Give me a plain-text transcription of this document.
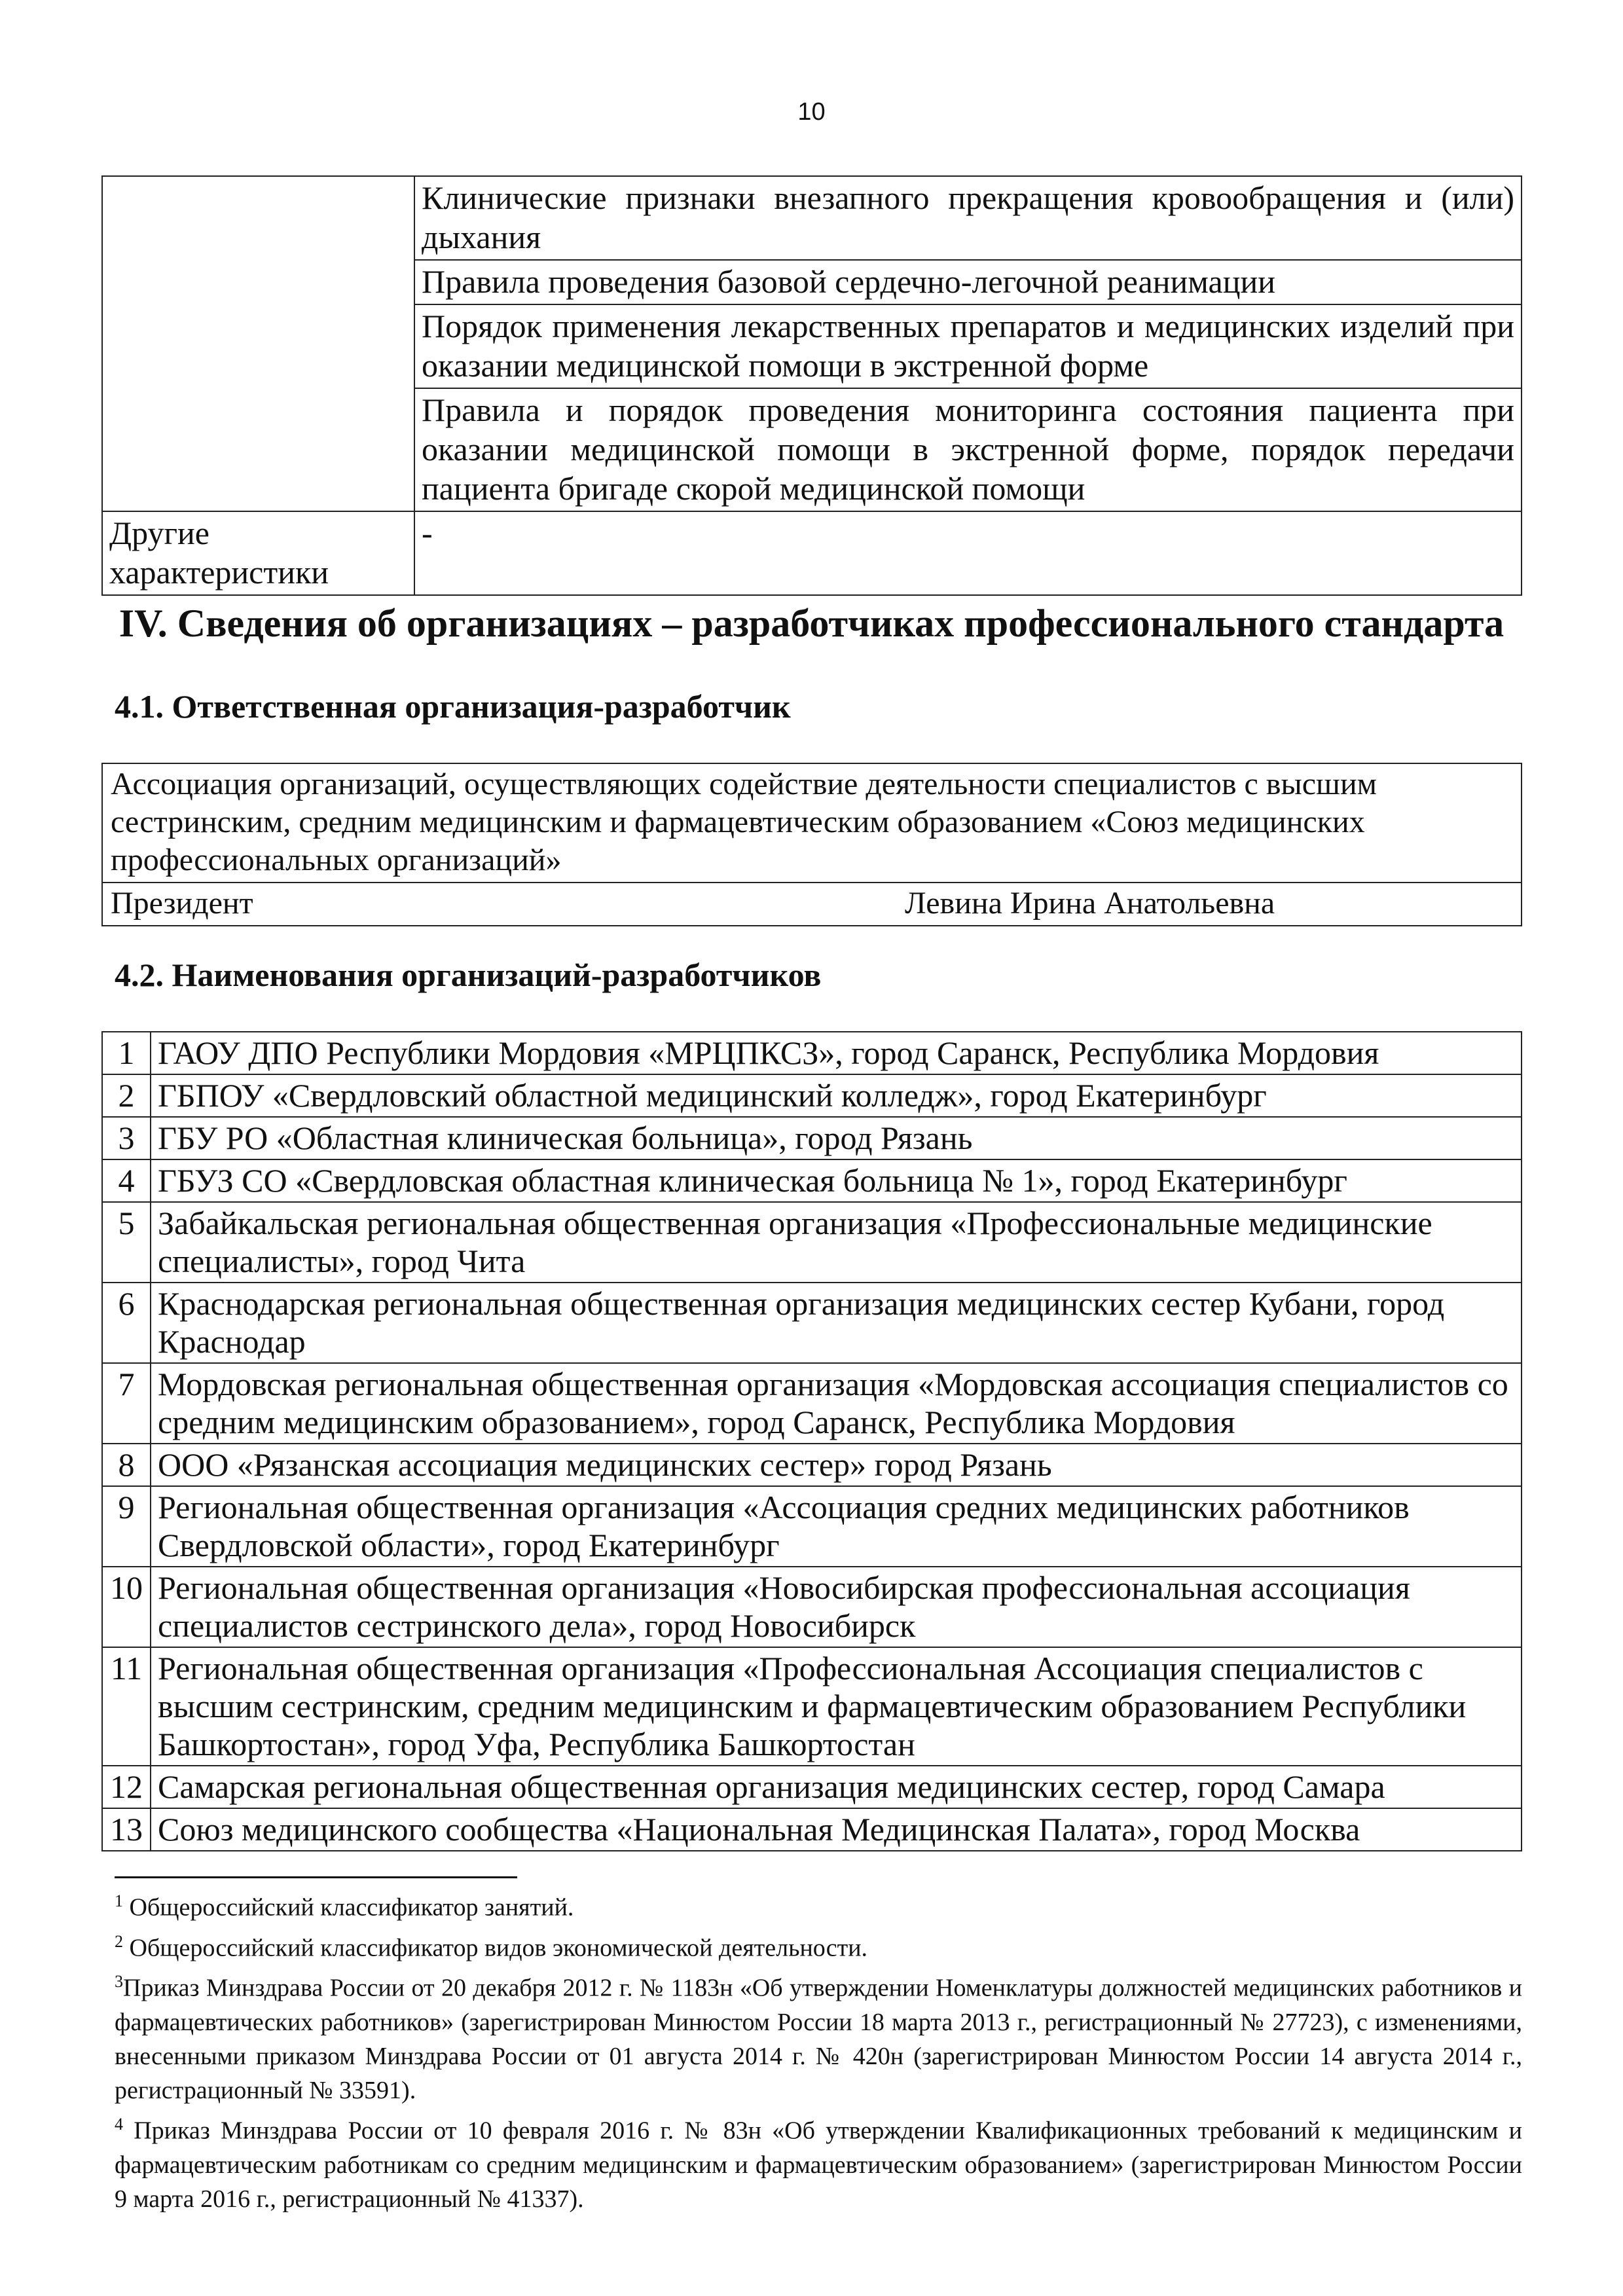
10
	Клинические признаки внезапного прекращения кровообращения и (или) дыхания
	Правила проведения базовой сердечно-легочной реанимации
	Порядок применения лекарственных препаратов и медицинских изделий при оказании медицинской помощи в экстренной форме
	Правила и порядок проведения мониторинга состояния пациента при оказании медицинской помощи в экстренной форме, порядок передачи пациента бригаде скорой медицинской помощи
Другие характеристики	-
IV. Сведения об организациях – разработчиках профессионального стандарта
4.1. Ответственная организация-разработчик
Ассоциация организаций, осуществляющих содействие деятельности специалистов с высшим сестринским, средним медицинским и фармацевтическим образованием «Союз медицинских профессиональных организаций»
Президент	Левина Ирина Анатольевна
4.2. Наименования организаций-разработчиков
1	ГАОУ ДПО Республики Мордовия «МРЦПКСЗ», город Саранск, Республика Мордовия
2	ГБПОУ «Свердловский областной медицинский колледж», город Екатеринбург
3	ГБУ РО «Областная клиническая больница», город Рязань
4	ГБУЗ СО «Свердловская областная клиническая больница № 1», город Екатеринбург
5	Забайкальская региональная общественная организация «Профессиональные медицинские специалисты», город Чита
6	Краснодарская региональная общественная организация медицинских сестер Кубани, город Краснодар
7	Мордовская региональная общественная организация «Мордовская ассоциация специалистов со средним медицинским образованием», город Саранск, Республика Мордовия
8	ООО «Рязанская ассоциация медицинских сестер» город Рязань
9	Региональная общественная организация «Ассоциация средних медицинских работников Свердловской области», город Екатеринбург
10	Региональная общественная организация «Новосибирская профессиональная ассоциация специалистов сестринского дела», город Новосибирск
11	Региональная общественная организация «Профессиональная Ассоциация специалистов с высшим сестринским, средним медицинским и фармацевтическим образованием Республики Башкортостан», город Уфа, Республика Башкортостан
12	Самарская региональная общественная организация медицинских сестер, город Самара
13	Союз медицинского сообщества «Национальная Медицинская Палата», город Москва

$^1$ Общероссийский классификатор занятий.

$^2$ Общероссийский классификатор видов экономической деятельности.

$^3$Приказ Минздрава России от 20 декабря 2012 г. № 1183н «Об утверждении Номенклатуры должностей медицинских работников и фармацевтических работников» (зарегистрирован Минюстом России 18 марта 2013 г., регистрационный № 27723), с изменениями, внесенными приказом Минздрава России от 01 августа 2014 г. № 420н (зарегистрирован Минюстом России 14 августа 2014 г., регистрационный № 33591).

$^4$ Приказ Минздрава России от 10 февраля 2016 г. № 83н «Об утверждении Квалификационных требований к медицинским и фармацевтическим работникам со средним медицинским и фармацевтическим образованием» (зарегистрирован Минюстом России 9 марта 2016 г., регистрационный № 41337).
